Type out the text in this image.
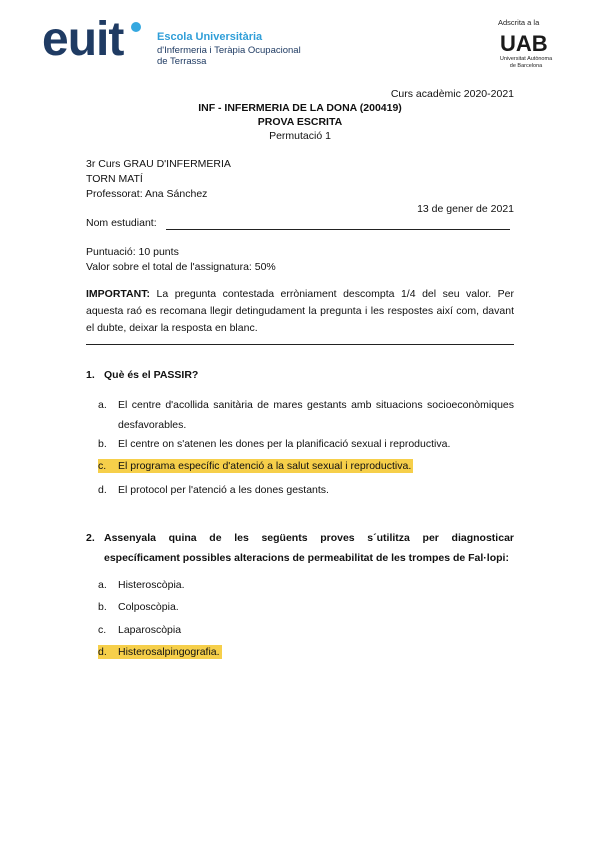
euit	Escola Universitària
d'Infermeria i Teràpia Ocupacional
de Terrassa
Adscrita a la
UAB
Universitat Autònoma
de Barcelona
Curs acadèmic 2020-2021
INF - INFERMERIA DE LA DONA (200419)
PROVA ESCRITA
Permutació 1
3r Curs GRAU D'INFERMERIA
TORN MATÍ
Professorat: Ana Sánchez
13 de gener de 2021
Nom estudiant:
Puntuació: 10 punts
Valor sobre el total de l'assignatura: 50%
IMPORTANT: La pregunta contestada erròniament descompta 1/4 del seu valor. Per aquesta raó es recomana llegir detingudament la pregunta i les respostes així com, davant el dubte, deixar la resposta en blanc.
1. Què és el PASSIR?
a. El centre d'acollida sanitària de mares gestants amb situacions socioeconòmiques desfavorables.
b. El centre on s'atenen les dones per la planificació sexual i reproductiva.
c. El programa específic d'atenció a la salut sexual i reproductiva.
d. El protocol per l'atenció a les dones gestants.
2. Assenyala quina de les següents proves s´utilitza per diagnosticar específicament possibles alteracions de permeabilitat de les trompes de Fal·lopi:
a. Histeroscòpia.
b. Colposcòpia.
c. Laparoscòpia
d. Histerosalpingografia.
